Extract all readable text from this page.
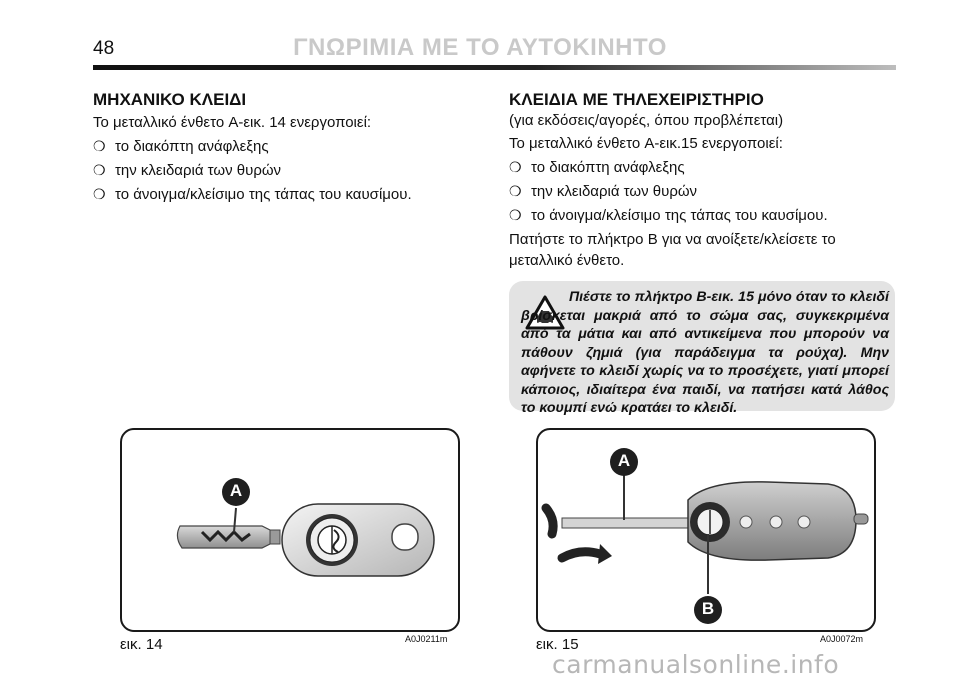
48	ΓΝΩΡΙΜΙΑ ΜΕ ΤΟ ΑΥΤΟΚΙΝΗΤΟ

ΜΗΧΑΝΙΚΟ ΚΛΕΙΔΙ

Το μεταλλικό ένθετο A-εικ. 14 ενεργοποιεί:

❍ το διακόπτη ανάφλεξης
❍ την κλειδαριά των θυρών
❍ το άνοιγμα/κλείσιμο της τάπας του καυσίμου.

ΚΛΕΙΔΙΑ ΜΕ ΤΗΛΕΧΕΙΡΙΣΤΗΡΙΟ

(για εκδόσεις/αγορές, όπου προβλέπεται)

Το μεταλλικό ένθετο A-εικ.15 ενεργοποιεί:

❍ το διακόπτη ανάφλεξης
❍ την κλειδαριά των θυρών
❍ το άνοιγμα/κλείσιμο της τάπας του καυσίμου.

Πατήστε το πλήκτρο B για να ανοίξετε/κλείσετε το μεταλλικό ένθετο.

Πιέστε το πλήκτρο B-εικ. 15 μόνο όταν το κλειδί βρίσκεται μακριά από το σώμα σας, συγκεκριμένα από τα μάτια και από αντικείμενα που μπορούν να πάθουν ζημιά (για παράδειγμα τα ρούχα). Μην αφήνετε το κλειδί χωρίς να το προσέχετε, γιατί μπορεί κάποιος, ιδιαίτερα ένα παιδί, να πατήσει κατά λάθος το κουμπί ενώ κρατάει το κλειδί.
A
εικ. 14	A0J0211m
A
B
εικ. 15	A0J0072m
carmanualsonline.info
